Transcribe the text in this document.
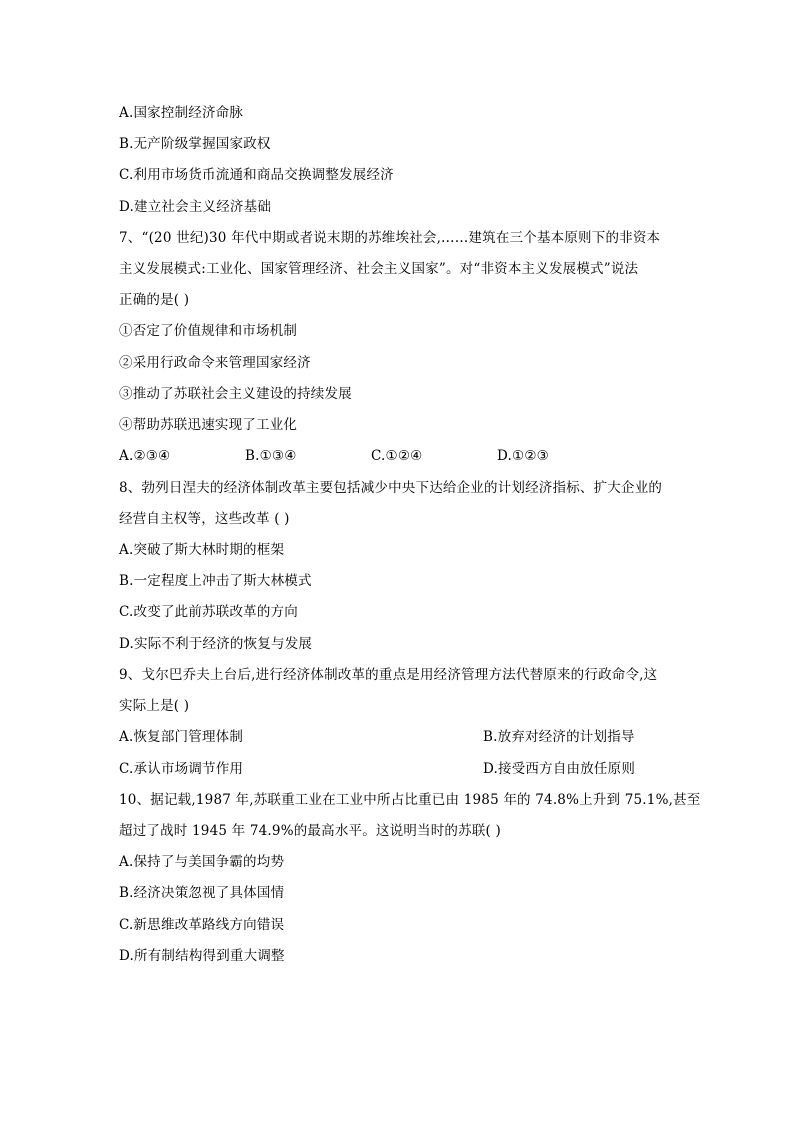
A.国家控制经济命脉
B.无产阶级掌握国家政权
C.利用市场货币流通和商品交换调整发展经济
D.建立社会主义经济基础
7、“(20 世纪)30 年代中期或者说末期的苏维埃社会,……建筑在三个基本原则下的非资本
主义发展模式:工业化、国家管理经济、社会主义国家”。对“非资本主义发展模式”说法
正确的是( )
①否定了价值规律和市场机制
②采用行政命令来管理国家经济
③推动了苏联社会主义建设的持续发展
④帮助苏联迅速实现了工业化
A.②③④	B.①③④	C.①②④	D.①②③
8、勃列日涅夫的经济体制改革主要包括减少中央下达给企业的计划经济指标、扩大企业的
经营自主权等，这些改革 ( )
A.突破了斯大林时期的框架
B.一定程度上冲击了斯大林模式
C.改变了此前苏联改革的方向
D.实际不利于经济的恢复与发展
9、戈尔巴乔夫上台后,进行经济体制改革的重点是用经济管理方法代替原来的行政命令,这
实际上是( )
A.恢复部门管理体制	B.放弃对经济的计划指导
C.承认市场调节作用	D.接受西方自由放任原则
10、据记载,1987 年,苏联重工业在工业中所占比重已由 1985 年的 74.8%上升到 75.1%,甚至
超过了战时 1945 年 74.9%的最高水平。这说明当时的苏联( )
A.保持了与美国争霸的均势
B.经济决策忽视了具体国情
C.新思维改革路线方向错误
D.所有制结构得到重大调整
